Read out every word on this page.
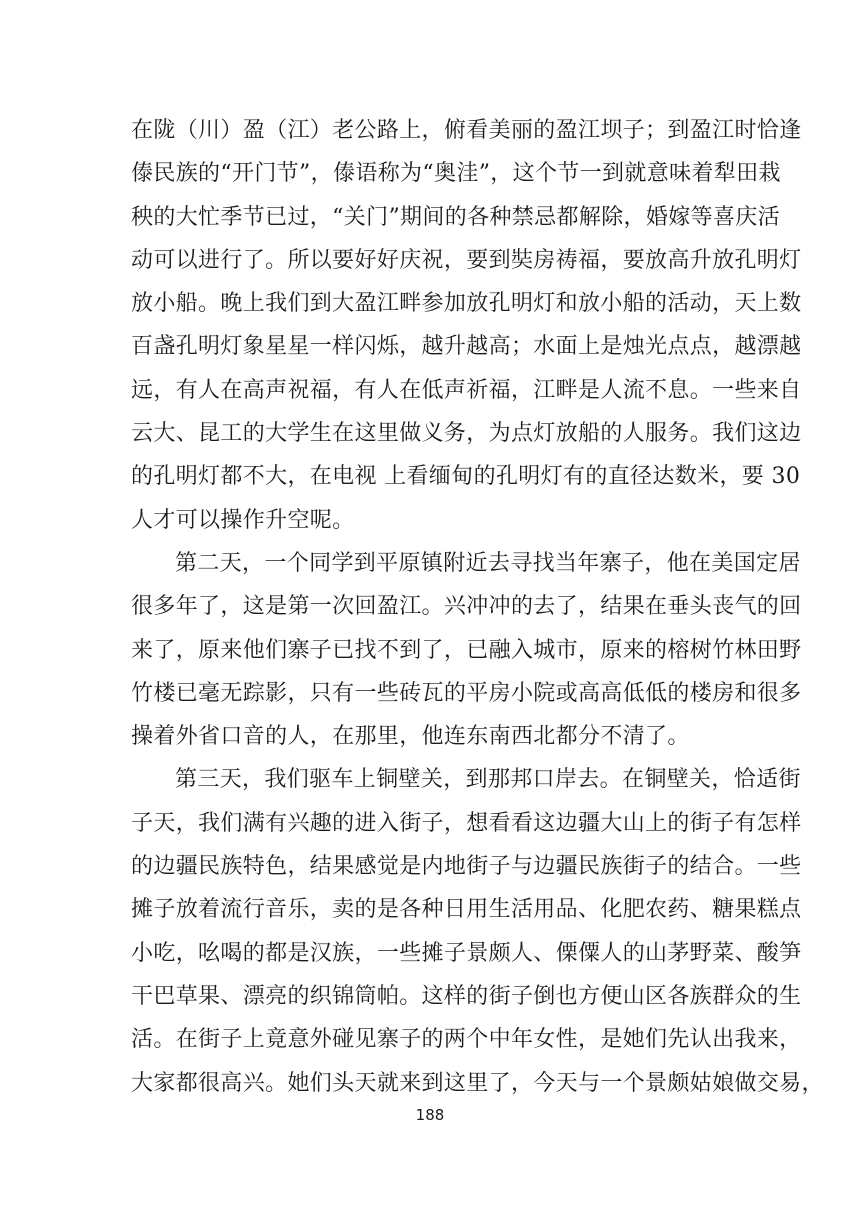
在陇（川）盈（江）老公路上，俯看美丽的盈江坝子；到盈江时恰逢
傣民族的“开门节”，傣语称为“奥洼”，这个节一到就意味着犁田栽
秧的大忙季节已过，“关门”期间的各种禁忌都解除，婚嫁等喜庆活
动可以进行了。所以要好好庆祝，要到奘房祷福，要放高升放孔明灯
放小船。晚上我们到大盈江畔参加放孔明灯和放小船的活动，天上数
百盏孔明灯象星星一样闪烁，越升越高；水面上是烛光点点，越漂越
远，有人在高声祝福，有人在低声祈福，江畔是人流不息。一些来自
云大、昆工的大学生在这里做义务，为点灯放船的人服务。我们这边
的孔明灯都不大，在电视 上看缅甸的孔明灯有的直径达数米，要 30
人才可以操作升空呢。
第二天，一个同学到平原镇附近去寻找当年寨子，他在美国定居
很多年了，这是第一次回盈江。兴冲冲的去了，结果在垂头丧气的回
来了，原来他们寨子已找不到了，已融入城市，原来的榕树竹林田野
竹楼已毫无踪影，只有一些砖瓦的平房小院或高高低低的楼房和很多
操着外省口音的人，在那里，他连东南西北都分不清了。
第三天，我们驱车上铜壁关，到那邦口岸去。在铜壁关，恰适街
子天，我们满有兴趣的进入街子，想看看这边疆大山上的街子有怎样
的边疆民族特色，结果感觉是内地街子与边疆民族街子的结合。一些
摊子放着流行音乐，卖的是各种日用生活用品、化肥农药、糖果糕点
小吃，吆喝的都是汉族，一些摊子景颇人、傈僳人的山茅野菜、酸笋
干巴草果、漂亮的织锦筒帕。这样的街子倒也方便山区各族群众的生
活。在街子上竟意外碰见寨子的两个中年女性，是她们先认出我来，
大家都很高兴。她们头天就来到这里了，今天与一个景颇姑娘做交易，
188
